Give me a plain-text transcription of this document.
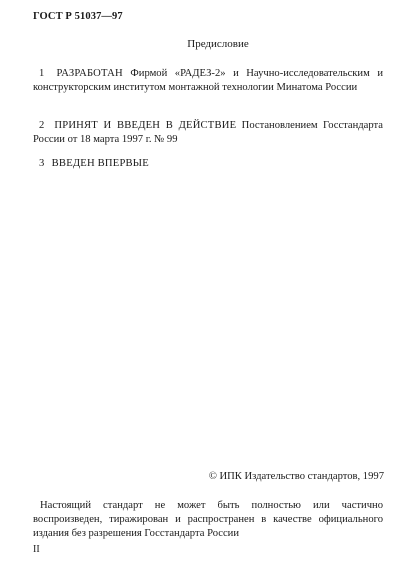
ГОСТ Р 51037—97
Предисловие
1 РАЗРАБОТАН Фирмой «РАДЕЗ-2» и Научно-исследовательским и конструкторским институтом монтажной технологии Минатома России
2 ПРИНЯТ И ВВЕДЕН В ДЕЙСТВИЕ Постановлением Госстандарта России от 18 марта 1997 г. № 99
3 ВВЕДЕН ВПЕРВЫЕ
© ИПК Издательство стандартов, 1997
Настоящий стандарт не может быть полностью или частично воспроизведен, тиражирован и распространен в качестве официального издания без разрешения Госстандарта России
II
